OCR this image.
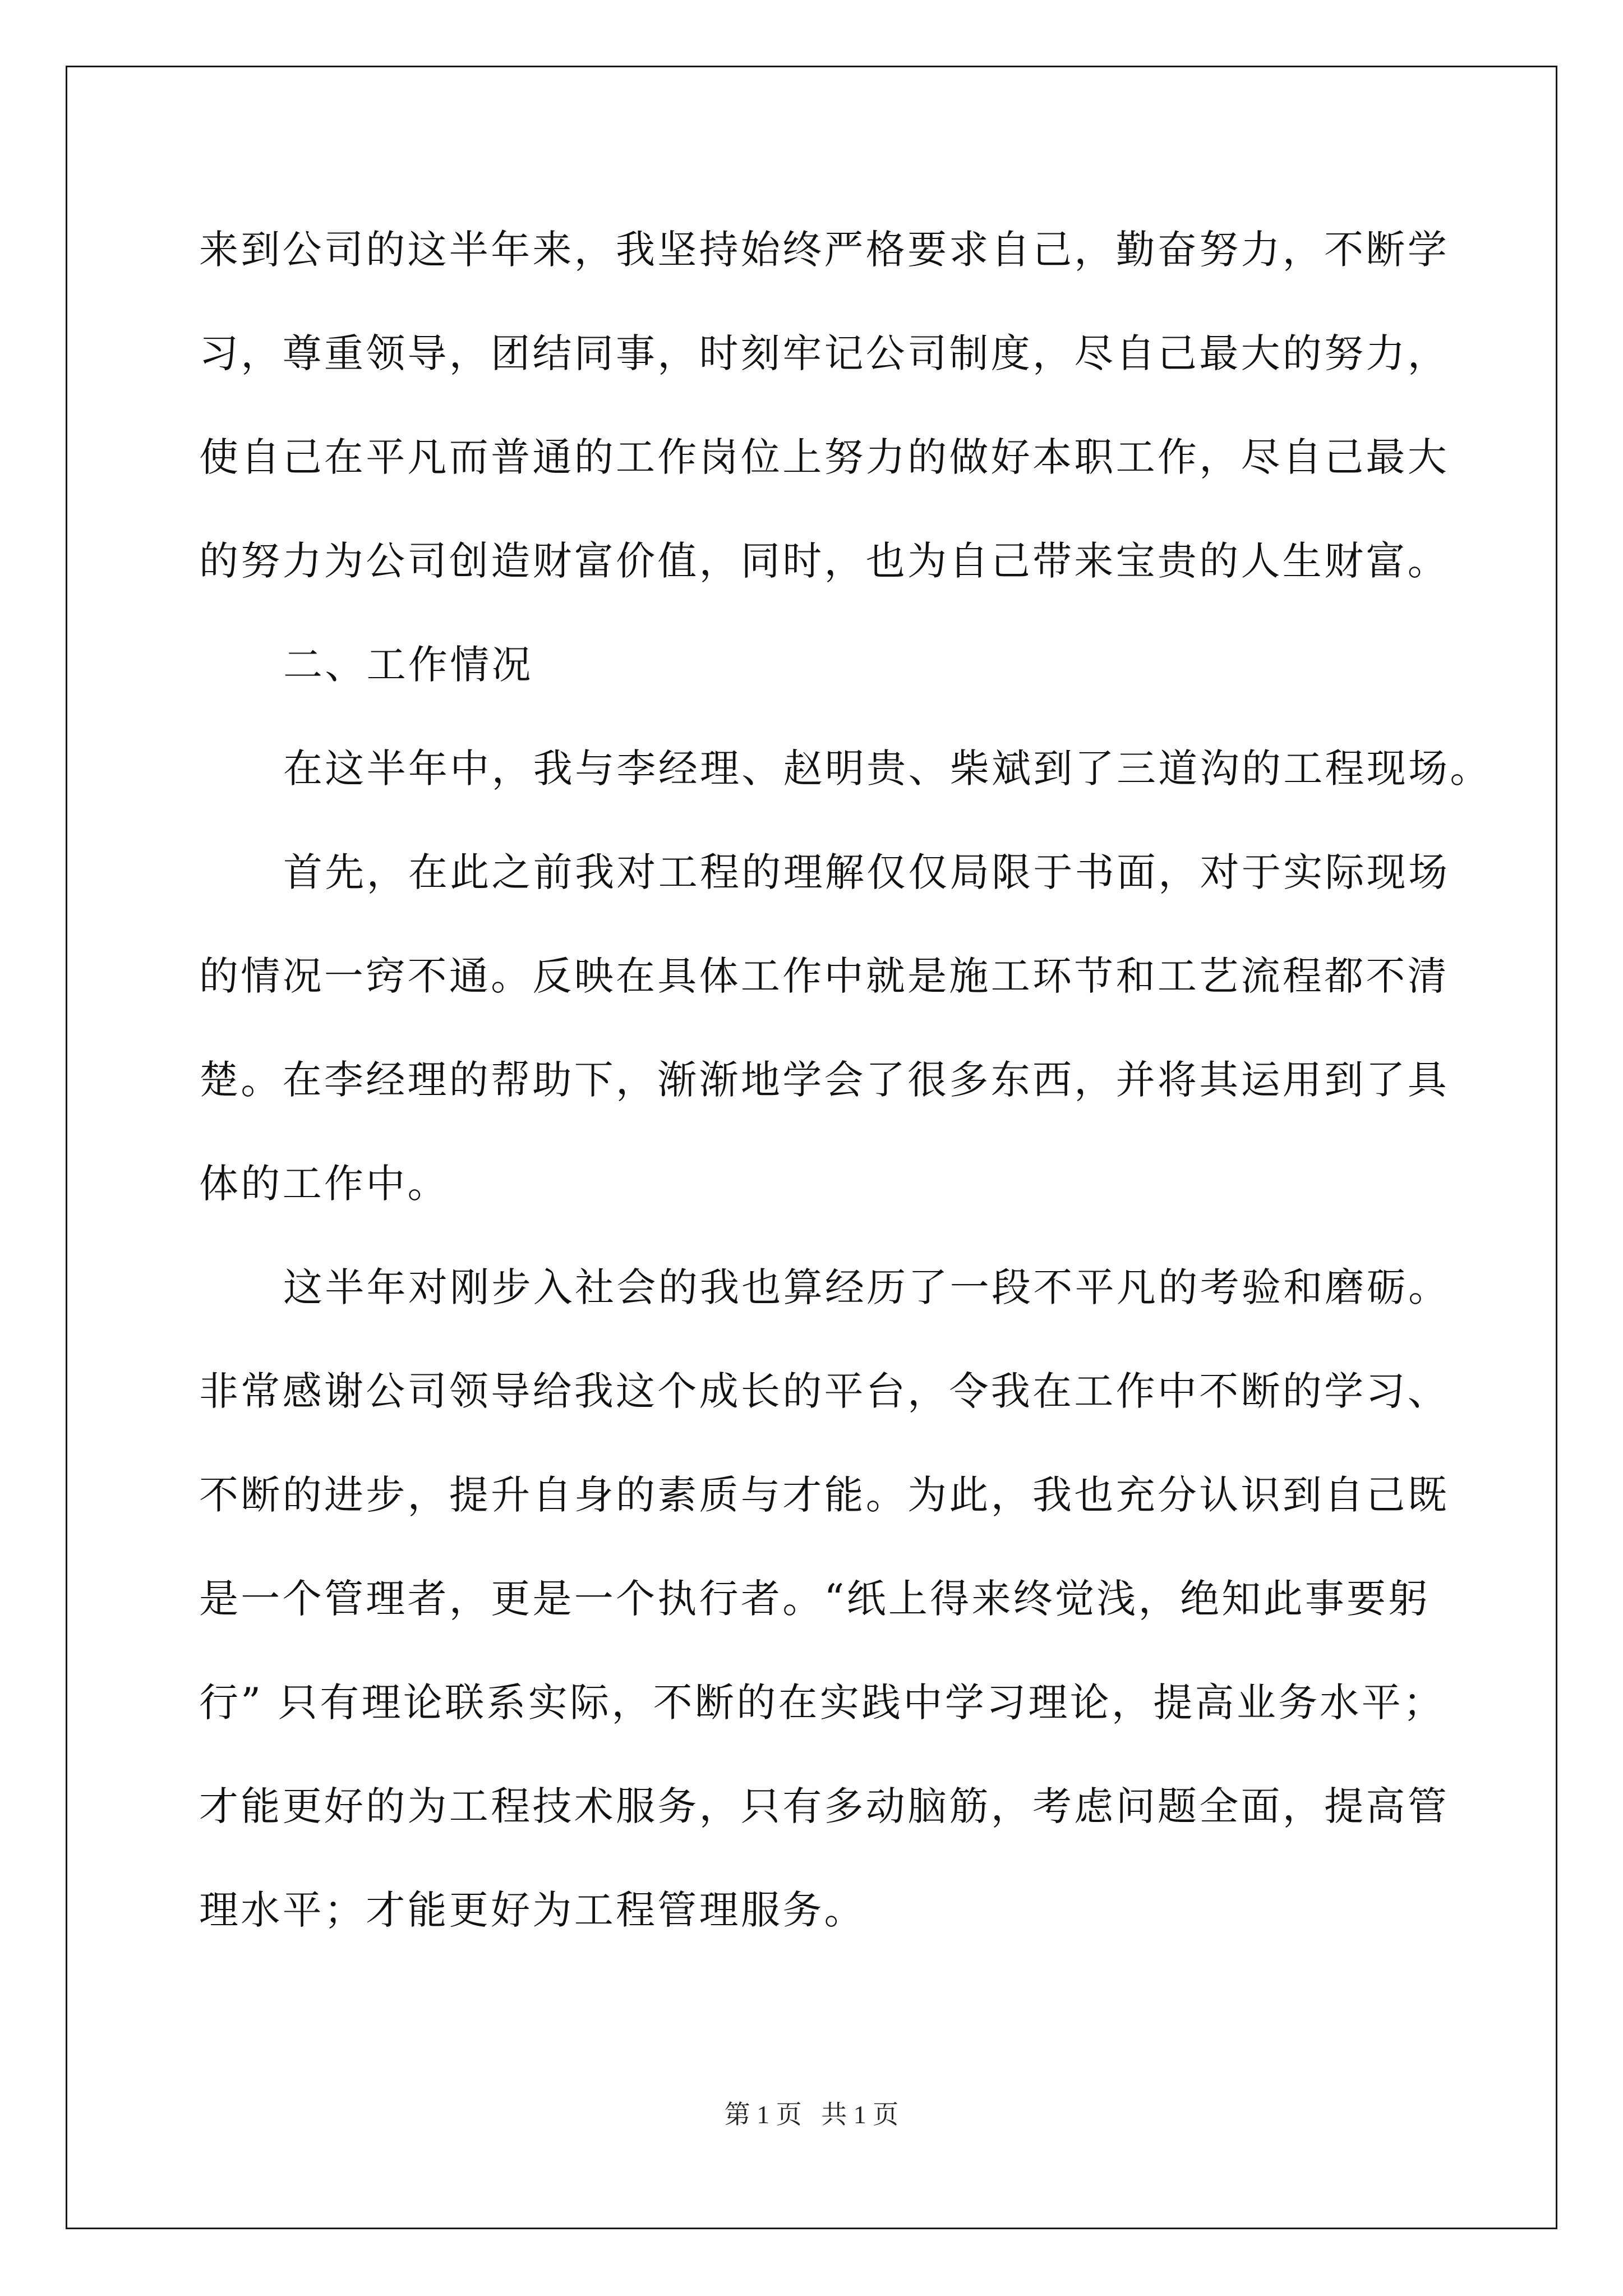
来到公司的这半年来，我坚持始终严格要求自己，勤奋努力，不断学
习，尊重领导，团结同事，时刻牢记公司制度，尽自己最大的努力，
使自己在平凡而普通的工作岗位上努力的做好本职工作，尽自己最大
的努力为公司创造财富价值，同时，也为自己带来宝贵的人生财富。
二、工作情况
在这半年中，我与李经理、赵明贵、柴斌到了三道沟的工程现场。
首先，在此之前我对工程的理解仅仅局限于书面，对于实际现场
的情况一窍不通。反映在具体工作中就是施工环节和工艺流程都不清
楚。在李经理的帮助下，渐渐地学会了很多东西，并将其运用到了具
体的工作中。
这半年对刚步入社会的我也算经历了一段不平凡的考验和磨砺。
非常感谢公司领导给我这个成长的平台，令我在工作中不断的学习、
不断的进步，提升自身的素质与才能。为此，我也充分认识到自己既
是一个管理者，更是一个执行者。“纸上得来终觉浅，绝知此事要躬
行” 只有理论联系实际，不断的在实践中学习理论，提高业务水平；
才能更好的为工程技术服务，只有多动脑筋，考虑问题全面，提高管
理水平；才能更好为工程管理服务。
第 1 页   共 1 页
